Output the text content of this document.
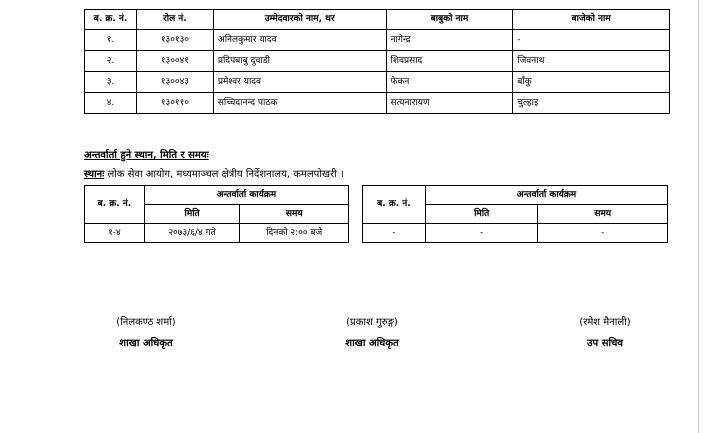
ब. क्र. नं.	रोल नं.	उम्मेदवारको नाम, थर	बाबुको नाम	बाजेको नाम
१.	१३०१३०	अनिलकुमार यादव	नागेन्द्र	-
२.	१३००४१	प्रदिपबाबु दुवाडी	शिवप्रसाद	जिवनाथ
३.	१३००४३	प्रमेश्वर यादव	फेकन	बाँकु
४.	१३०११०	सच्चिदानन्द पाठक	सत्यनारायण	चुल्हाइ
अन्तर्वार्ता हुने स्थान, मिति र समयः
स्थानः लोक सेवा आयोग, मध्यमाञ्चल क्षेत्रीय निर्देशनालय, कमलपोखरी ।
ब. क्र. नं.	अन्तर्वार्ता कार्यक्रम	
	मिति	समय
१-४	२०७३/६/४ गते	दिनको २:०० बजे
ब. क्र. नं.	अन्तर्वार्ता कार्यक्रम	
	मिति	समय
-	-	-
(निलकण्ठ शर्मा)
शाखा अधिकृत
(प्रकाश गुरुङ्ग)
शाखा अधिकृत
(रमेश मैनाली)
उप सचिव
